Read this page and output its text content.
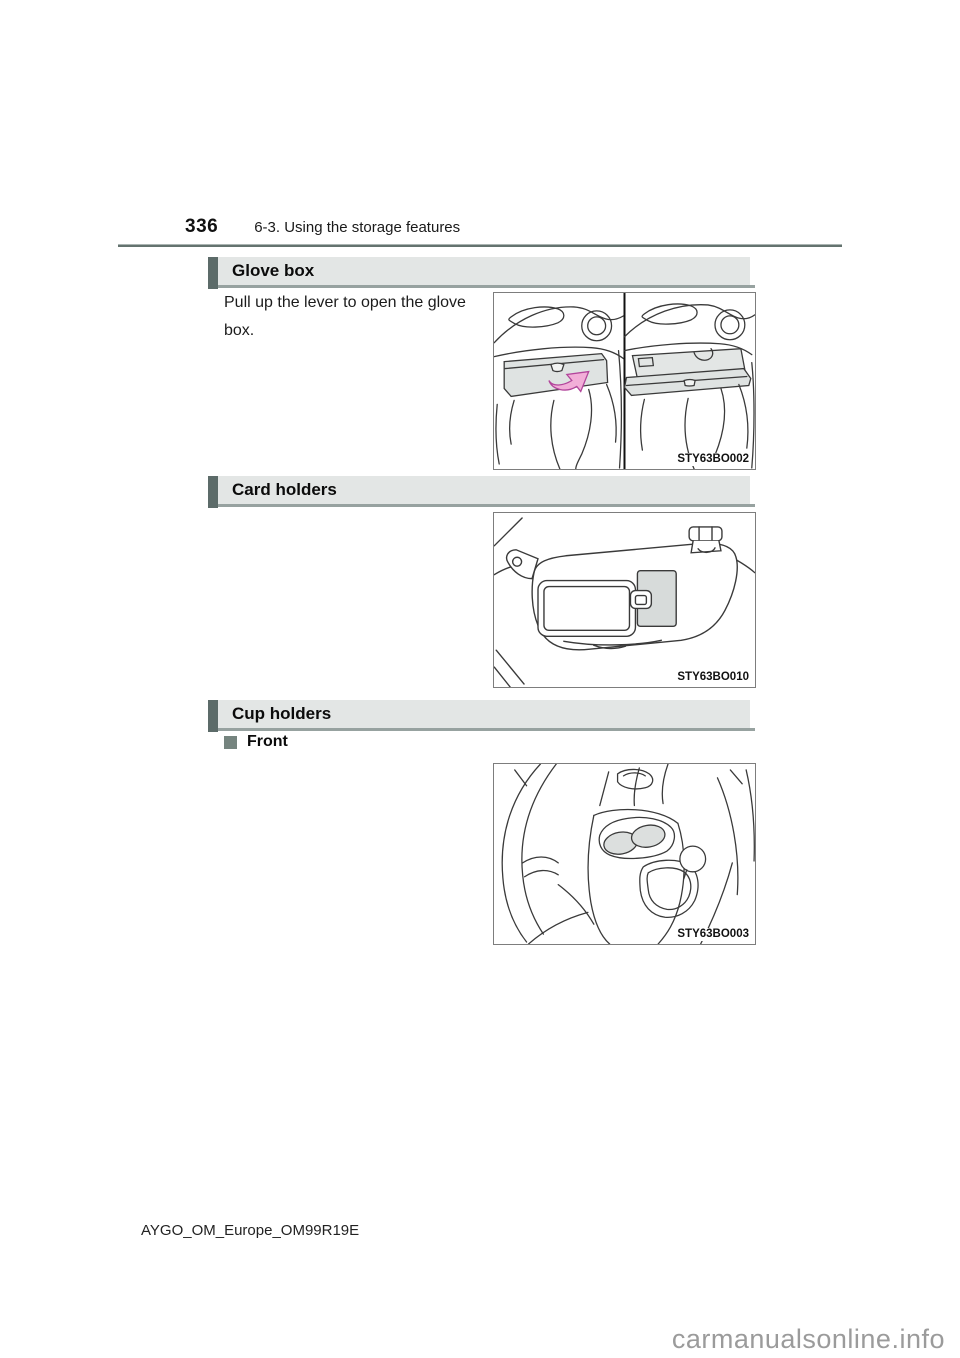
336 6-3. Using the storage features
Glove box

Pull up the lever to open the glove box.

STY63BO002
Card holders
STY63BO010
Cup holders
Front
STY63BO003
AYGO_OM_Europe_OM99R19E
carmanualsonline.info
